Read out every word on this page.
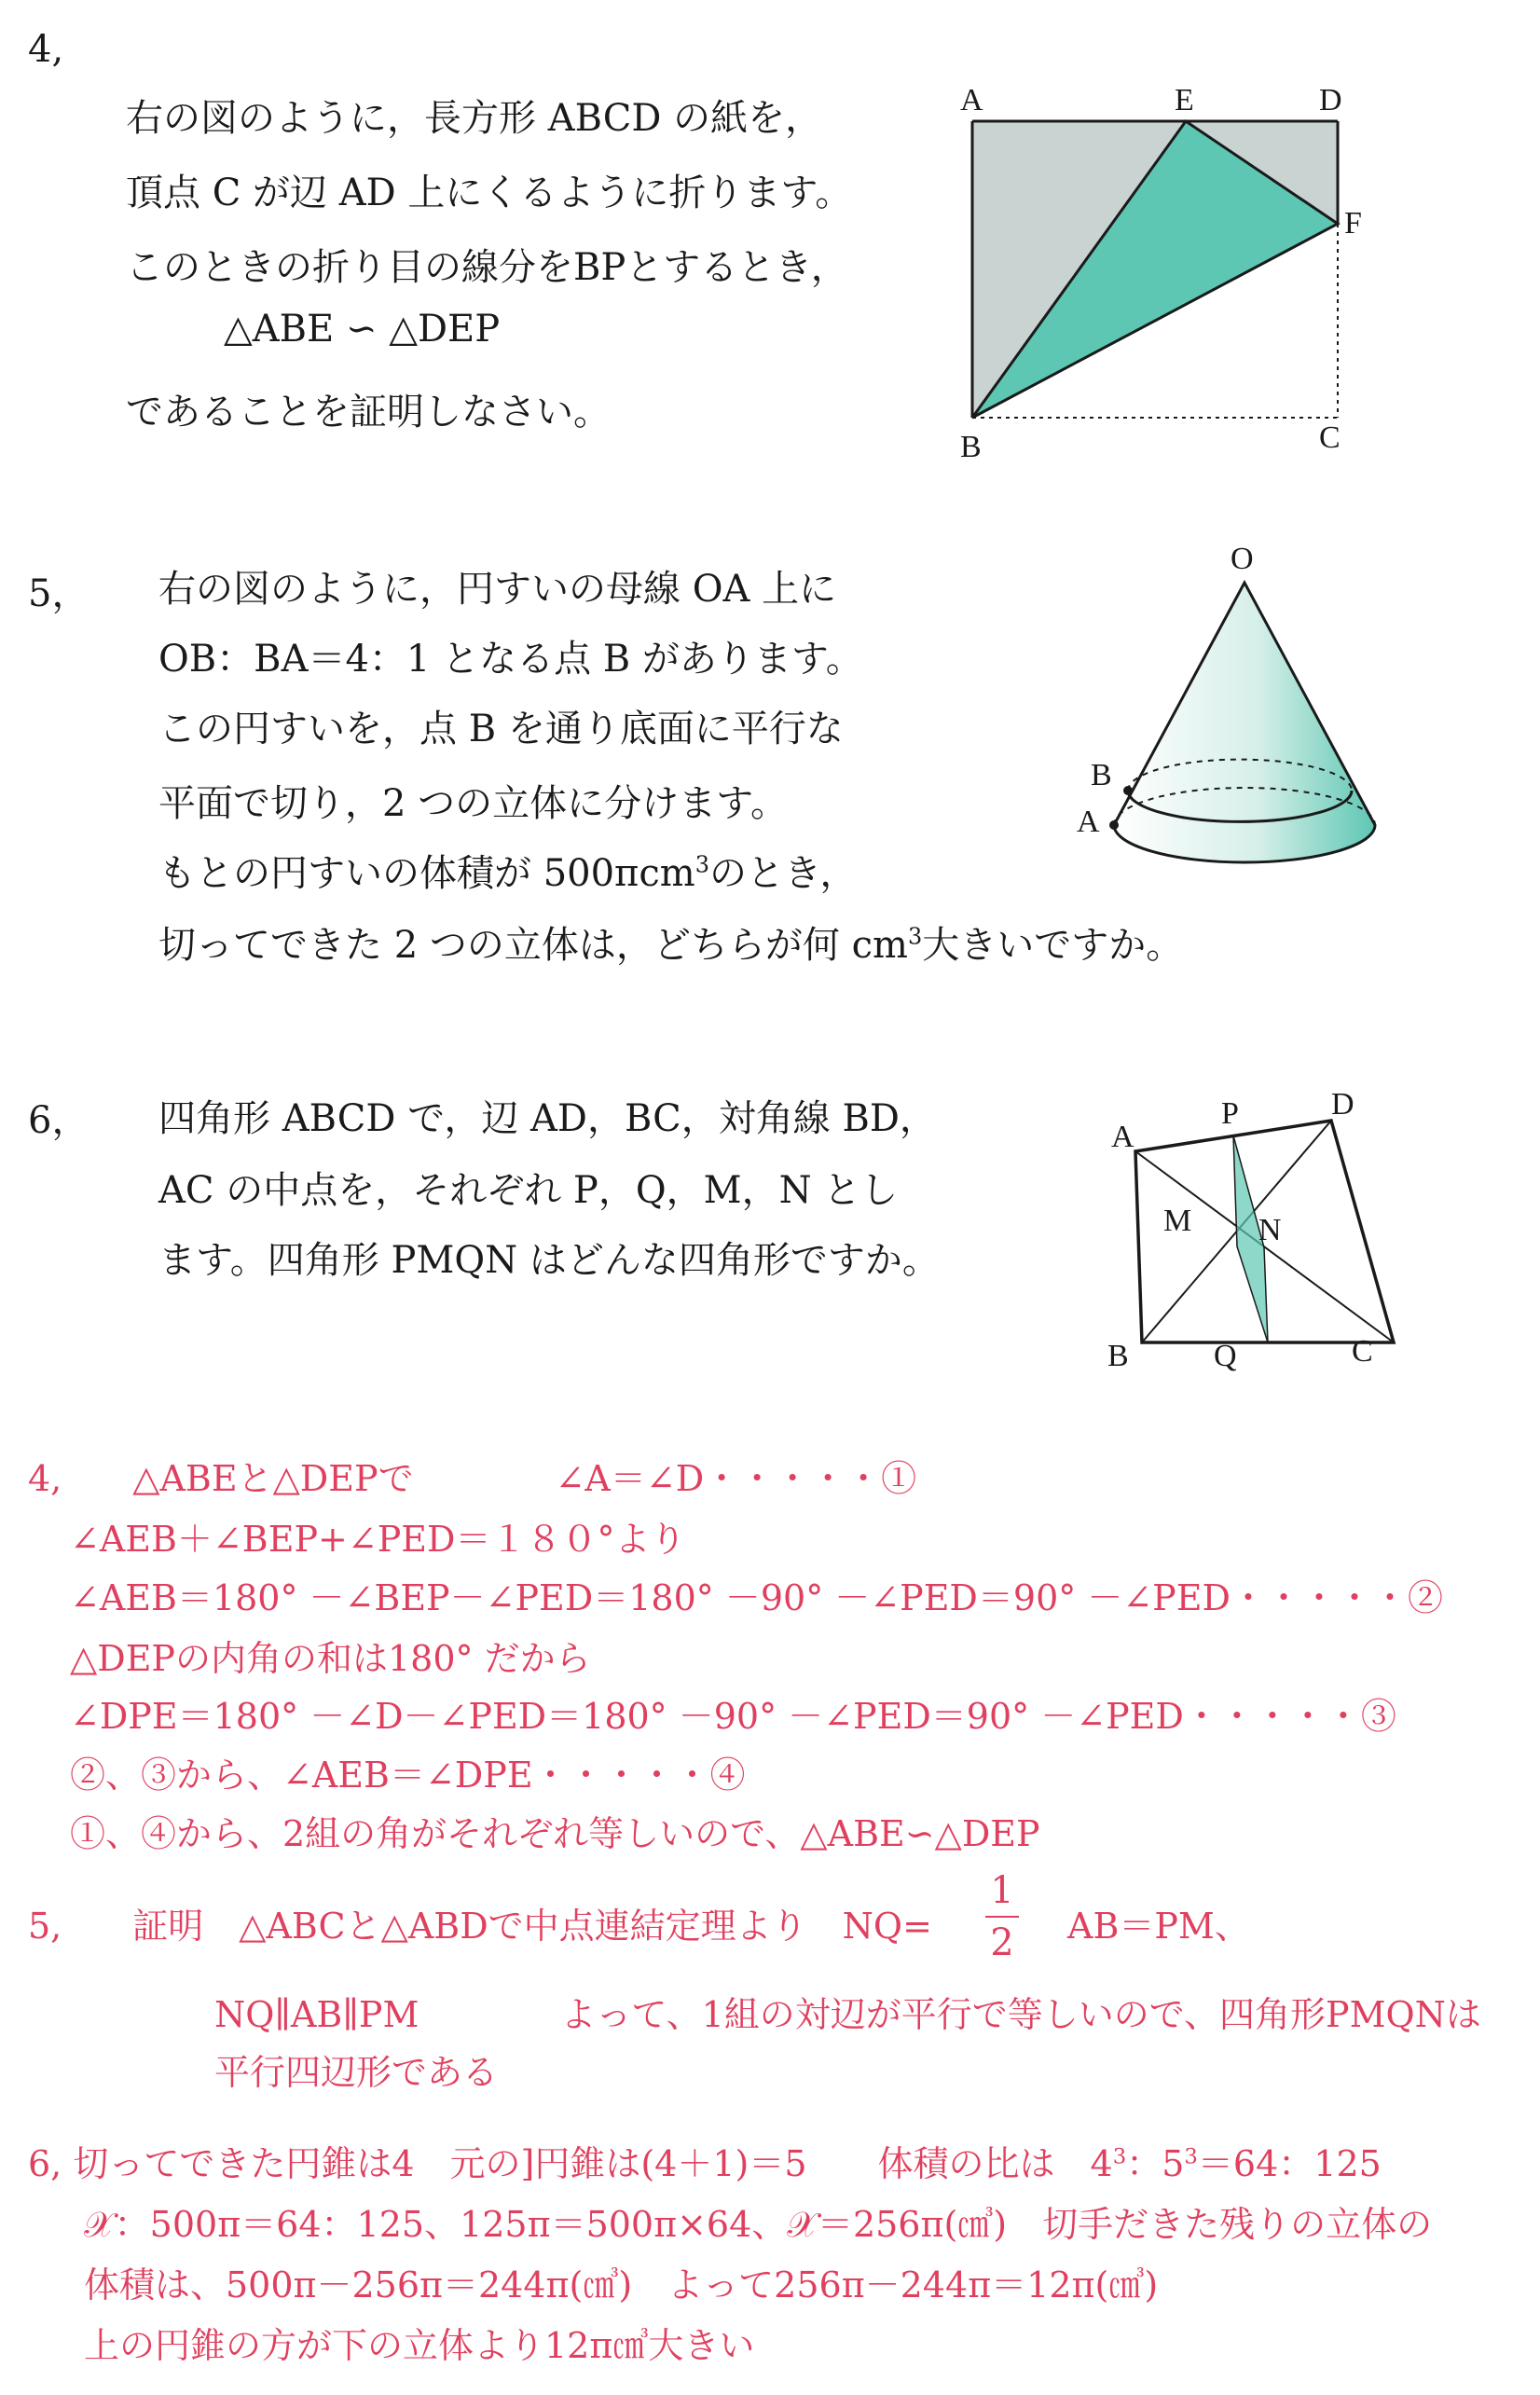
4,
右の図のように，長方形 ABCD の紙を，
頂点 C が辺 AD 上にくるように折ります。
このときの折り目の線分をBPとするとき，
△ABE ∽ △DEP
であることを証明しなさい。
A	E	D
F
B	C
5， 右の図のように，円すいの母線 OA 上に
OB：BA＝4：1 となる点 B があります。
この円すいを，点 B を通り底面に平行な
平面で切り，2 つの立体に分けます。
もとの円すいの体積が 500πcm$^3$のとき，
切ってできた 2 つの立体は，どちらが何 $cm^3$大きいですか。
O
B
A
6， 四角形 ABCD で，辺 AD，BC，対角線 BD，
AC の中点を，それぞれ P，Q，M，N とし
ます。四角形 PMQN はどんな四角形ですか。
A
P	D
M N
B	Q	C
4,　　△ABEと△DEPで　　　　∠A＝∠D・・・・・①
∠AEB＋∠BEP+∠PED＝１８０°より
∠AEB＝180° －∠BEP－∠PED＝180° －90° －∠PED＝90° －∠PED・・・・・②
△DEPの内角の和は180° だから
∠DPE＝180° －∠D－∠PED＝180° －90° －∠PED＝90° －∠PED・・・・・③
②、③から、∠AEB＝∠DPE・・・・・④
①、④から、2組の角がそれぞれ等しいので、△ABE∽△DEP
5,　　証明　△ABCと△ABDで中点連結定理より　NQ=
1
2 AB＝PM、
NQ∥AB∥PM　　　　よって、1組の対辺が平行で等しいので、四角形PMQNは
平行四辺形である
6, 切ってできた円錐は4　元の]円錐は(4＋1)＝5　　体積の比は　$4^3$：$5^3=64$：125
𝒳：500π＝64：125、125π＝500π×64、𝒳＝256π(㎤)　切手だきた残りの立体の
体積は、500π－256π＝244π(㎤)　よって256π－244π＝12π(㎤)
上の円錐の方が下の立体より12π㎤大きい
